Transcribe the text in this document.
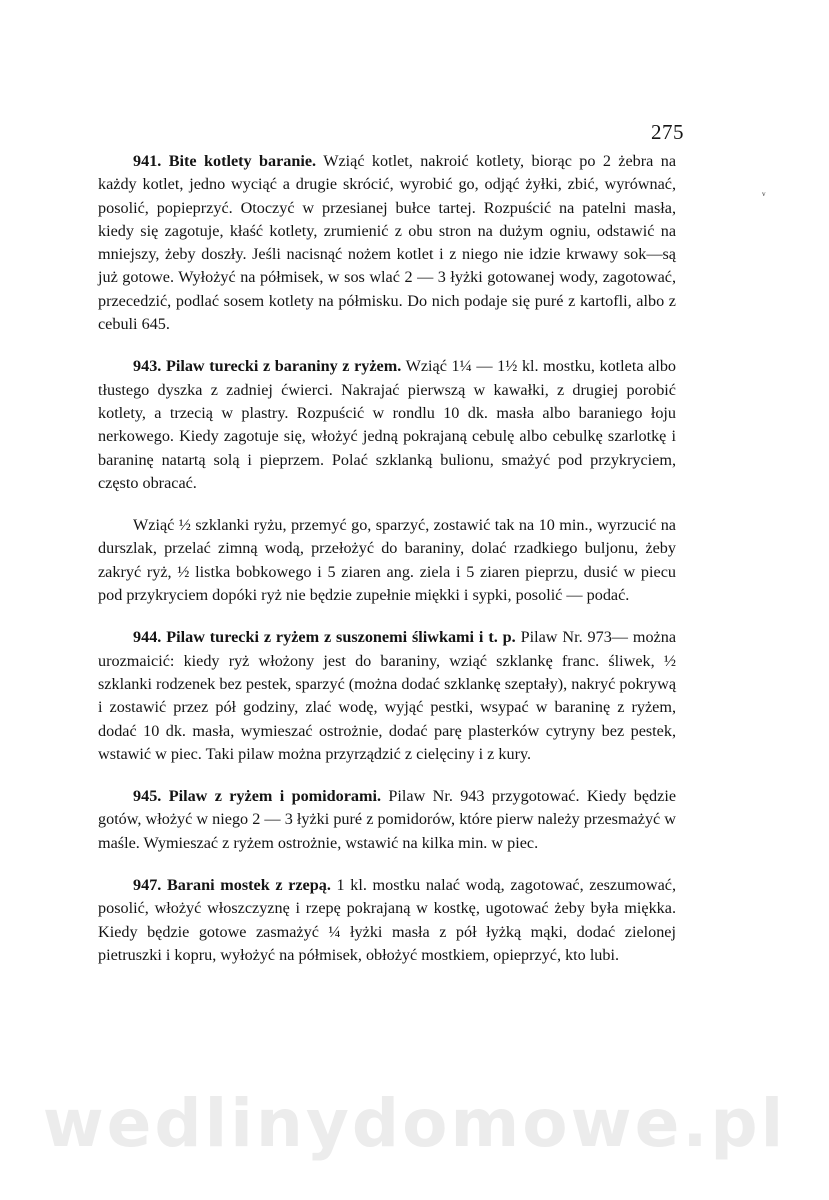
275
ᵥ

941. Bite kotlety baranie. Wziąć kotlet, nakroić kotlety, biorąc po 2 żebra na każdy kotlet, jedno wyciąć a drugie skrócić, wyrobić go, odjąć żyłki, zbić, wyrównać, posolić, popieprzyć. Otoczyć w przesianej bułce tartej. Rozpuścić na patelni masła, kiedy się zagotuje, kłaść kotlety, zrumienić z obu stron na dużym ogniu, odstawić na mniejszy, żeby doszły. Jeśli nacisnąć nożem kotlet i z niego nie idzie krwawy sok—są już gotowe. Wyłożyć na półmisek, w sos wlać 2 — 3 łyżki gotowanej wody, zagotować, przecedzić, podlać sosem kotlety na półmisku. Do nich podaje się puré z kartofli, albo z cebuli 645.

943. Pilaw turecki z baraniny z ryżem. Wziąć 1¼ — 1½ kl. mostku, kotleta albo tłustego dyszka z zadniej ćwierci. Nakrajać pierwszą w kawałki, z drugiej porobić kotlety, a trzecią w plastry. Rozpuścić w rondlu 10 dk. masła albo baraniego łoju nerkowego. Kiedy zagotuje się, włożyć jedną pokrajaną cebulę albo cebulkę szarlotkę i baraninę natartą solą i pieprzem. Polać szklanką bulionu, smażyć pod przykryciem, często obracać.

Wziąć ½ szklanki ryżu, przemyć go, sparzyć, zostawić tak na 10 min., wyrzucić na durszlak, przelać zimną wodą, przełożyć do baraniny, dolać rzadkiego buljonu, żeby zakryć ryż, ½ listka bobkowego i 5 ziaren ang. ziela i 5 ziaren pieprzu, dusić w piecu pod przykryciem dopóki ryż nie będzie zupełnie miękki i sypki, posolić — podać.

944. Pilaw turecki z ryżem z suszonemi śliwkami i t. p. Pilaw Nr. 973— można urozmaicić: kiedy ryż włożony jest do baraniny, wziąć szklankę franc. śliwek, ½ szklanki rodzenek bez pestek, sparzyć (można dodać szklankę szeptały), nakryć pokrywą i zostawić przez pół godziny, zlać wodę, wyjąć pestki, wsypać w baraninę z ryżem, dodać 10 dk. masła, wymieszać ostrożnie, dodać parę plasterków cytryny bez pestek, wstawić w piec. Taki pilaw można przyrządzić z cielęciny i z kury.

945. Pilaw z ryżem i pomidorami. Pilaw Nr. 943 przygotować. Kiedy będzie gotów, włożyć w niego 2 — 3 łyżki puré z pomidorów, które pierw należy przesmażyć w maśle. Wymieszać z ryżem ostrożnie, wstawić na kilka min. w piec.

947. Barani mostek z rzepą. 1 kl. mostku nalać wodą, zagotować, zeszumować, posolić, włożyć włoszczyznę i rzepę pokrajaną w kostkę, ugotować żeby była miękka. Kiedy będzie gotowe zasmażyć ¼ łyżki masła z pół łyżką mąki, dodać zielonej pietruszki i kopru, wyłożyć na półmisek, obłożyć mostkiem, opieprzyć, kto lubi.

wedlinydomowe.pl
